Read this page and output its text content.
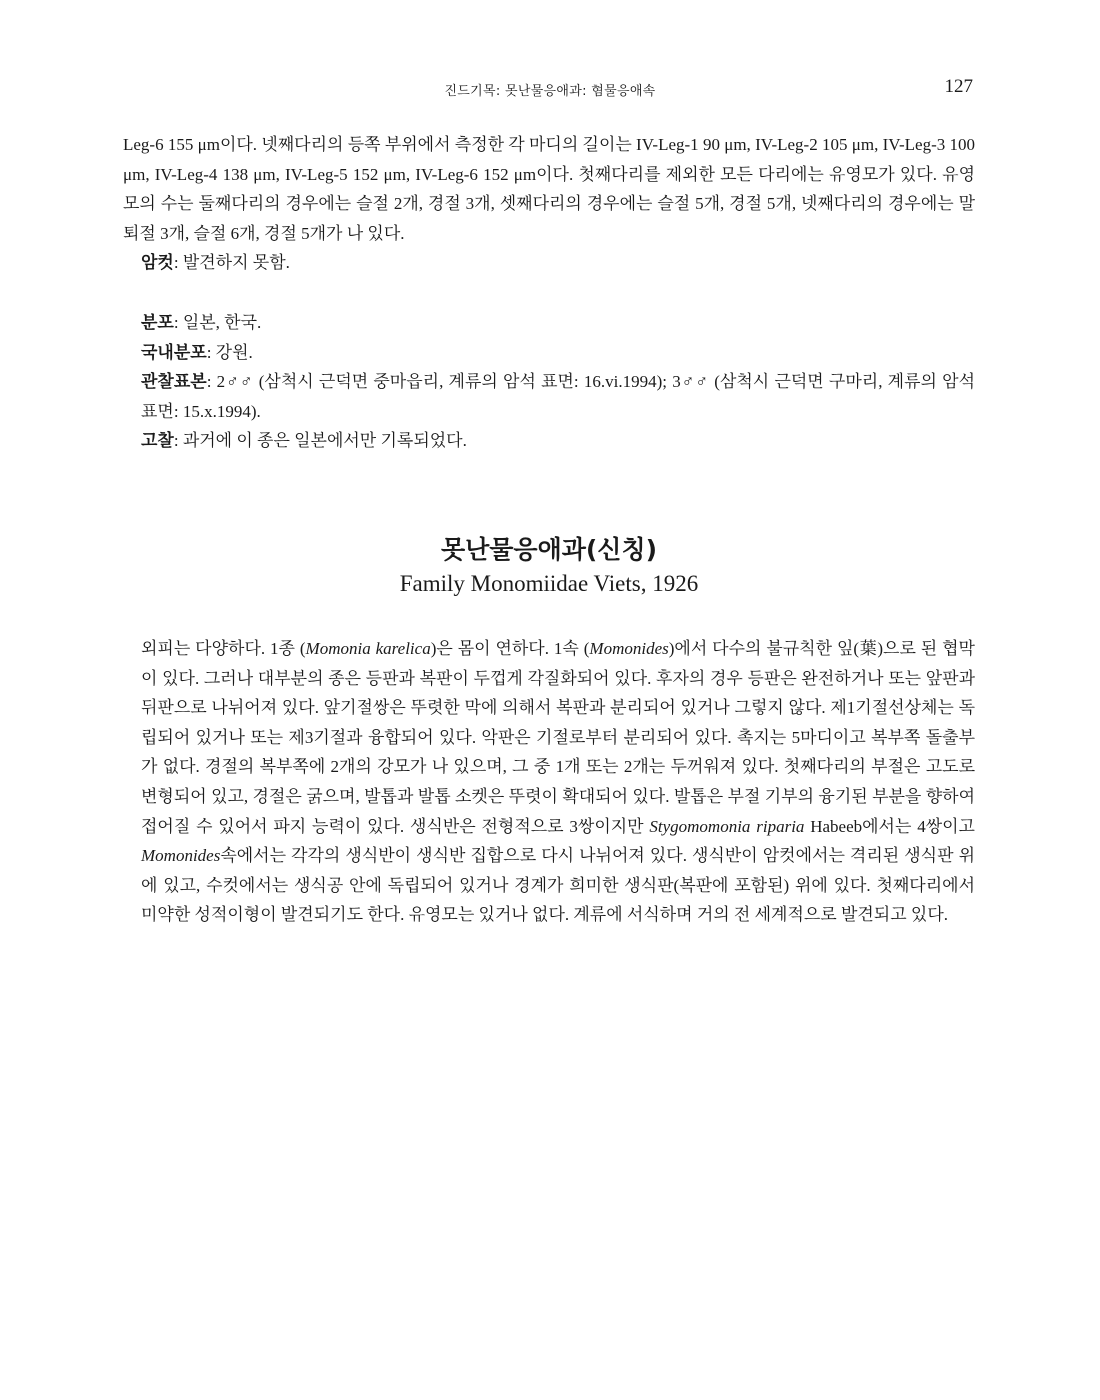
진드기목: 못난물응애과: 혐물응애속	127

Leg-6 155 μm이다. 넷째다리의 등쪽 부위에서 측정한 각 마디의 길이는 IV-Leg-1 90 μm, IV-Leg-2 105 μm, IV-Leg-3 100 μm, IV-Leg-4 138 μm, IV-Leg-5 152 μm, IV-Leg-6 152 μm이다. 첫째다리를 제외한 모든 다리에는 유영모가 있다. 유영모의 수는 둘째다리의 경우에는 슬절 2개, 경절 3개, 셋째다리의 경우에는 슬절 5개, 경절 5개, 넷째다리의 경우에는 말퇴절 3개, 슬절 6개, 경절 5개가 나 있다.

암컷: 발견하지 못함.

분포: 일본, 한국.

국내분포: 강원.

관찰표본: 2♂♂ (삼척시 근덕면 중마읍리, 계류의 암석 표면: 16.vi.1994); 3♂♂ (삼척시 근덕면 구마리, 계류의 암석 표면: 15.x.1994).

고찰: 과거에 이 종은 일본에서만 기록되었다.

못난물응애과(신칭)
Family Monomiidae Viets, 1926

외피는 다양하다. 1종 (Momonia karelica)은 몸이 연하다. 1속 (Momonides)에서 다수의 불규칙한 잎(葉)으로 된 협막이 있다. 그러나 대부분의 종은 등판과 복판이 두껍게 각질화되어 있다. 후자의 경우 등판은 완전하거나 또는 앞판과 뒤판으로 나뉘어져 있다. 앞기절쌍은 뚜렷한 막에 의해서 복판과 분리되어 있거나 그렇지 않다. 제1기절선상체는 독립되어 있거나 또는 제3기절과 융합되어 있다. 악판은 기절로부터 분리되어 있다. 촉지는 5마디이고 복부쪽 돌출부가 없다. 경절의 복부쪽에 2개의 강모가 나 있으며, 그 중 1개 또는 2개는 두꺼워져 있다. 첫째다리의 부절은 고도로 변형되어 있고, 경절은 굵으며, 발톱과 발톱 소켓은 뚜렷이 확대되어 있다. 발톱은 부절 기부의 융기된 부분을 향하여 접어질 수 있어서 파지 능력이 있다. 생식반은 전형적으로 3쌍이지만 Stygomomonia riparia Habeeb에서는 4쌍이고 Momonides속에서는 각각의 생식반이 생식반 집합으로 다시 나뉘어져 있다. 생식반이 암컷에서는 격리된 생식판 위에 있고, 수컷에서는 생식공 안에 독립되어 있거나 경계가 희미한 생식판(복판에 포함된) 위에 있다. 첫째다리에서 미약한 성적이형이 발견되기도 한다. 유영모는 있거나 없다. 계류에 서식하며 거의 전 세계적으로 발견되고 있다.
